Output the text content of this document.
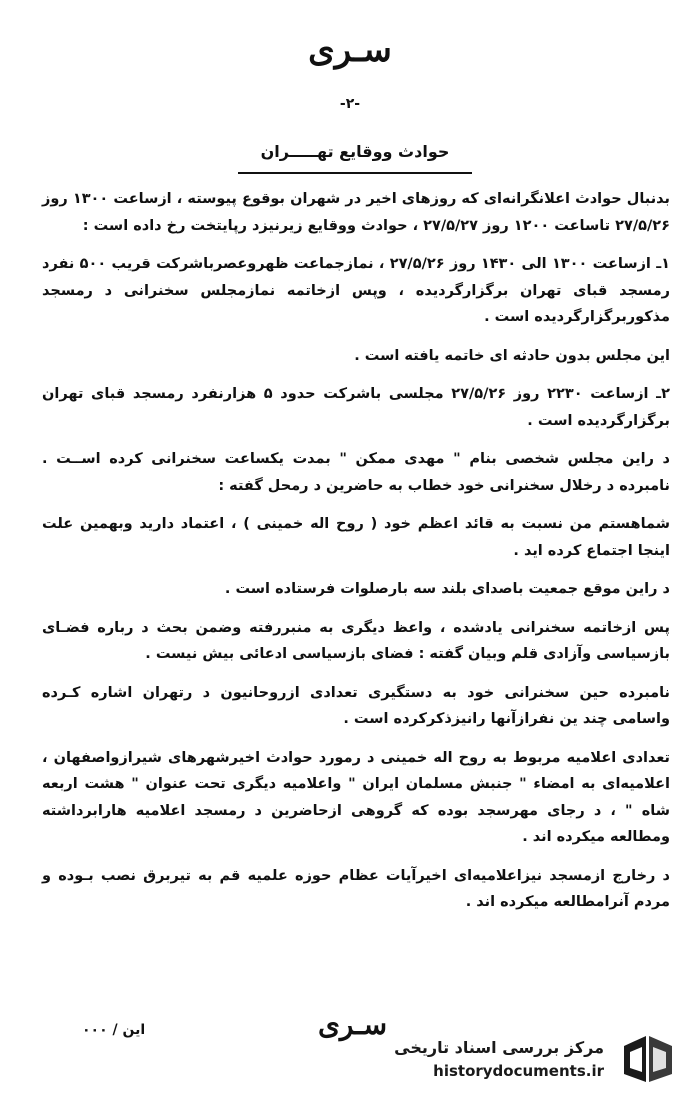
سـرى
-۲-
حوادث ووقایع تهـــــران

بدنبال حوادث اعلانگرانه‌ای که روزهای اخیر در شهران بوقوع پیوسته ، ازساعت ۱۳۰۰ روز ۲۷/۵/۲۶ تاساعت ۱۲۰۰ روز ۲۷/۵/۲۷ ، حوادث ووقایع زیرنیزد رپایتخت رخ داده است :

۱ـ ازساعت ۱۳۰۰ الی ۱۴۳۰ روز ۲۷/۵/۲۶ ، نمازجماعت ظهروعصرباشرکت قریب ۵۰۰ نفرد رمسجد قبای تهران برگزارگردیده ، وپس ازخاتمه نمازمجلس سخنرانی د رمسجد مذکوربرگزارگردیده است .

این مجلس بدون حادثه ای خاتمه یافته است .

۲ـ ازساعت ۲۲۳۰ روز ۲۷/۵/۲۶ مجلسی باشرکت حدود ۵ هزارنفرد رمسجد قبای تهران برگزارگردیده است .

د راین مجلس شخصی بنام " مهدی ممکن " بمدت یکساعت سخنرانی کرده اســت . نامبرده د رخلال سخنرانی خود خطاب به حاضرین د رمحل گفته :

شماهستم من نسبت به قائد اعظم خود ( روح اله خمینی ) ، اعتماد دارید وبهمین علت اینجا اجتماع کرده اید .

د راین موقع جمعیت باصدای بلند سه بارصلوات فرستاده است .

پس ازخاتمه سخنرانی یادشده ، واعظ دیگری به منبررفته وضمن بحث د رباره فضـای بازسیاسی وآزادی قلم وبیان گفته : فضای بازسیاسی ادعائی بیش نیست .

نامبرده حین سخنرانی خود به دستگیری تعدادی ازروحانیون د رتهران اشاره کـرده واسامی چند ین نفرازآنها رانیزذکرکرده است .

تعدادی اعلامیه مربوط به روح اله خمینی د رمورد حوادث اخیرشهرهای شیرازواصفهان ، اعلامیه‌ای به امضاء " جنبش مسلمان ایران " واعلامیه دیگری تحت عنوان " هشت اربعه شاه " ، د رجای مهرسجد بوده که گروهی ازحاضرین د رمسجد اعلامیه هارابرداشته ومطالعه میکرده اند .

د رخارج ازمسجد نیزاعلامیه‌ای اخیرآیات عظام حوزه علمیه قم به تیربرق نصب بـوده و مردم آنرامطالعه میکرده اند .

این / ۰۰۰	سـرى
مرکز بررسی اسناد تاریخی
historydocuments.ir
